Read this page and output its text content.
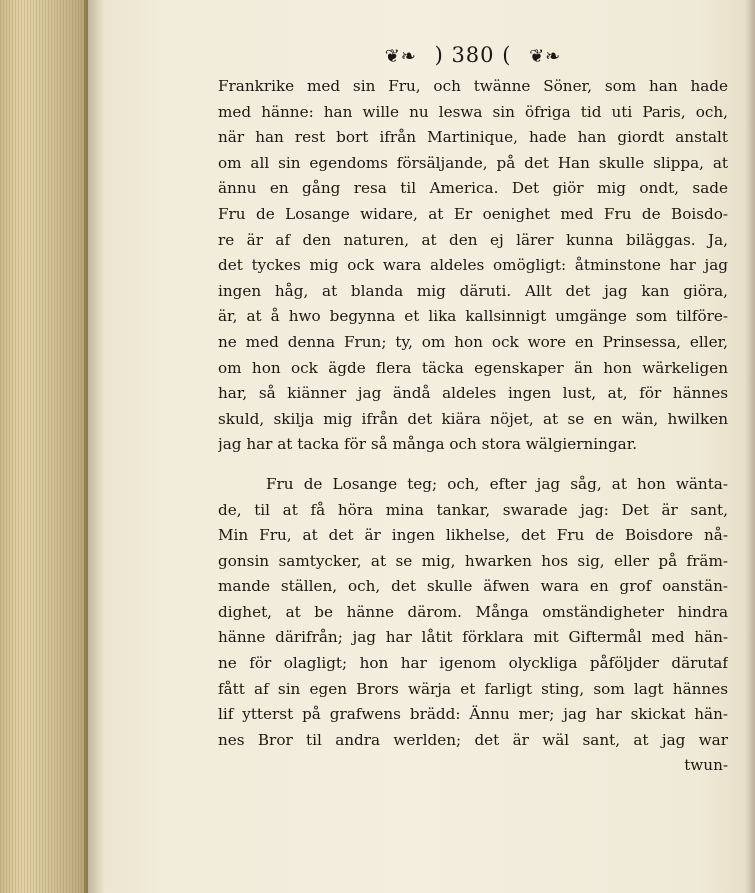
❦❧ ) 380 ( ❦❧
Frankrike med sin Fru, och twänne Söner, som han hade
med hänne: han wille nu leswa sin öfriga tid uti Paris, och,
när han rest bort ifrån Martinique, hade han giordt anstalt
om all sin egendoms försäljande, på det Han skulle slippa, at
ännu en gång resa til America. Det giör mig ondt, sade
Fru de Losange widare, at Er oenighet med Fru de Boisdo-
re är af den naturen, at den ej lärer kunna biläggas. Ja,
det tyckes mig ock wara aldeles omögligt: åtminstone har jag
ingen håg, at blanda mig däruti. Allt det jag kan giöra,
är, at å hwo begynna et lika kallsinnigt umgänge som tilföre-
ne med denna Frun; ty, om hon ock wore en Prinsessa, eller,
om hon ock ägde flera täcka egenskaper än hon wärkeligen
har, så kiänner jag ändå aldeles ingen lust, at, för hännes
skuld, skilja mig ifrån det kiära nöjet, at se en wän, hwilken
jag har at tacka för så många och stora wälgierningar.
Fru de Losange teg; och, efter jag såg, at hon wänta-
de, til at få höra mina tankar, swarade jag: Det är sant,
Min Fru, at det är ingen likhelse, det Fru de Boisdore nå-
gonsin samtycker, at se mig, hwarken hos sig, eller på främ-
mande ställen, och, det skulle äfwen wara en grof oanstän-
dighet, at be hänne därom. Många omständigheter hindra
hänne därifrån; jag har låtit förklara mit Giftermål med hän-
ne för olagligt; hon har igenom olyckliga påföljder därutaf
fått af sin egen Brors wärja et farligt sting, som lagt hännes
lif ytterst på grafwens brädd: Ännu mer; jag har skickat hän-
nes Bror til andra werlden; det är wäl sant, at jag war
twun-
